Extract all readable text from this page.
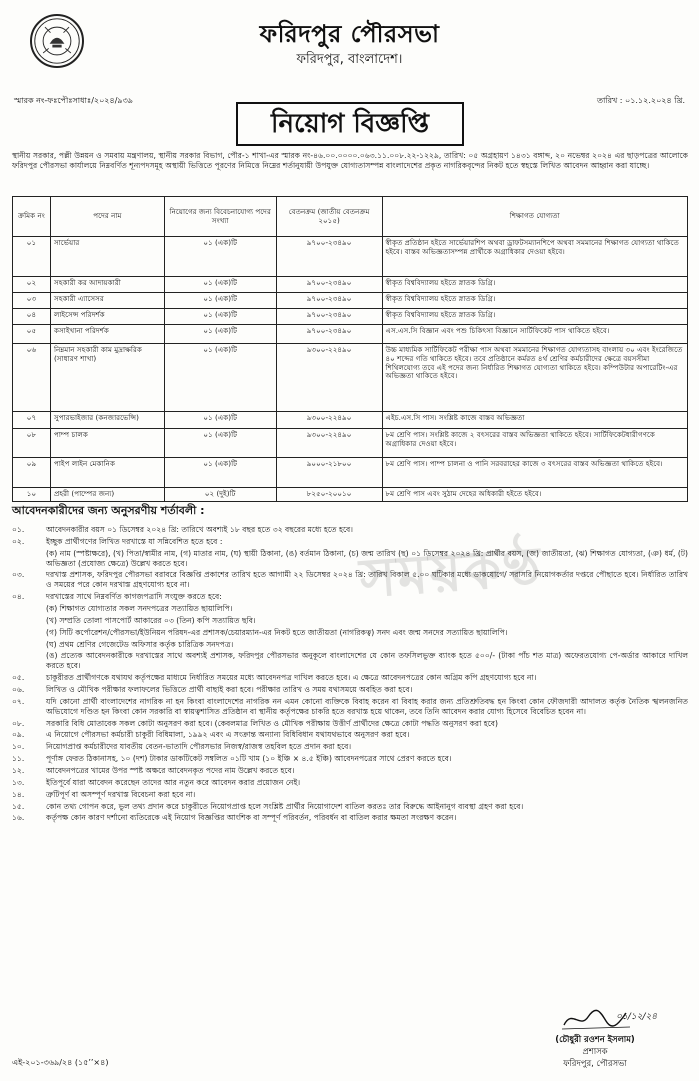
ফরিদপুর পৌরসভা
ফরিদপুর, বাংলাদেশ।
স্মারক নং-ফঃপৌঃসাধাঃ/২০২৪/৯৩৯	তারিখ : ০১.১২.২০২৪ খ্রি.
নিয়োগ বিজ্ঞপ্তি
স্থানীয় সরকার, পল্লী উন্নয়ন ও সমবায় মন্ত্রণালয়, স্থানীয় সরকার বিভাগ, পৌর-১ শাখা-এর স্মারক নং-৪৬.০০.০০০০.০৬৩.১১.০০৮.২২-১২২৯, তারিখ: ০৫ অগ্রহায়ণ ১৪৩১ বঙ্গাব্দ, ২০ নভেম্বর ২০২৪ এর ছাড়পত্রের আলোকে ফরিদপুর পৌরসভা কার্যালয়ে নিম্নবর্ণিত শূন্যপদসমূহ অস্থায়ী ভিত্তিতে পূরণের নিমিত্তে নিম্নের শর্তানুযায়ী উপযুক্ত যোগ্যতাসম্পন্ন বাংলাদেশের প্রকৃত নাগরিকবৃন্দের নিকট হতে স্বহস্তে লিখিত আবেদন আহ্বান করা যাচ্ছে।
ক্রমিক নং	পদের নাম	নিয়োগের জন্য বিবেচনাযোগ্য পদের সংখ্যা	বেতনক্রম (জাতীয় বেতনক্রম ২০১৫)	শিক্ষাগত যোগ্যতা
০১	সার্ভেয়ার	০১ (এক)টি	৯৭০০-২৩৪৯০	স্বীকৃত প্রতিষ্ঠান হইতে সার্ভেয়ারশিপ অথবা ড্রাফটসম্যানশিপে অথবা সমমানের শিক্ষাগত যোগ্যতা থাকিতে হইবে। বাস্তব অভিজ্ঞতাসম্পন্ন প্রার্থীকে অগ্রাধিকার দেওয়া হইবে।
০২	সহকারী কর আদায়কারী	০১ (এক)টি	৯৭০০-২৩৪৯০	স্বীকৃত বিশ্ববিদ্যালয় হইতে স্নাতক ডিগ্রি।
০৩	সহকারী এ্যাসেসর	০১ (এক)টি	৯৭০০-২৩৪৯০	স্বীকৃত বিশ্ববিদ্যালয় হইতে স্নাতক ডিগ্রি।
০৪	লাইসেন্স পরিদর্শক	০১ (এক)টি	৯৭০০-২৩৪৯০	স্বীকৃত বিশ্ববিদ্যালয় হইতে স্নাতক ডিগ্রি।
০৫	কসাইখানা পরিদর্শক	০১ (এক)টি	৯৭০০-২৩৪৯০	এস.এস.সি বিজ্ঞান এবং পশু চিকিৎসা বিজ্ঞানে সার্টিফিকেট পাস থাকিতে হইবে।
০৬	নিম্নমান সহকারী কাম মুদ্রাক্ষরিক (সাধারণ শাখা)	০১ (এক)টি	৯৩০০-২২৪৯০	উচ্চ মাধ্যমিক সার্টিফিকেট পরীক্ষা পাস অথবা সমমানের শিক্ষাগত যোগ্যতাসহ বাংলায় ৩০ এবং ইংরেজিতে ৪০ শব্দের গতি থাকিতে হইবে। তবে প্রতিষ্ঠানে কর্মরত ৪র্থ শ্রেণির কর্মচারীদের ক্ষেত্রে বয়সসীমা শিথিলযোগ্য তবে এই পদের জন্য নির্ধারিত শিক্ষাগত যোগ্যতা থাকিতে হইবে। কম্পিউটার অপারেটিং-এর অভিজ্ঞতা থাকিতে হইবে।
০৭	সুপারভাইজার (কনজারভেন্সি)	০১ (এক)টি	৯৩০০-২২৪৯০	এইচ.এস.সি পাস। সংশ্লিষ্ট কাজে বাস্তব অভিজ্ঞতা
০৮	পাম্প চালক	০১ (এক)টি	৯৩০০-২২৪৯০	৮ম শ্রেণি পাস। সংশ্লিষ্ট কাজে ২ বৎসরের বাস্তব অভিজ্ঞতা থাকিতে হইবে। সার্টিফিকেটধারীগণকে অগ্রাধিকার দেওয়া হইবে।
০৯	পাইপ লাইন মেকানিক	০১ (এক)টি	৯০০০-২১৮০০	৮ম শ্রেণি পাস। পাম্প চালনা ও পানি সরবরাহের কাজে ৩ বৎসরের বাস্তব অভিজ্ঞতা থাকিতে হইবে।
১০	প্রহরী (পাম্পের জন্য)	০২ (দুই)টি	৮২৫০-২০০১০	৮ম শ্রেণি পাস এবং সুঠাম দেহের অধিকারী হইতে হইবে।
আবেদনকারীদের জন্য অনুসরণীয় শর্তাবলী :
সময়কণ্ঠ
০১.	আবেদনকারীর বয়স ০১ ডিসেম্বর ২০২৪ খ্রি: তারিখে অবশ্যই ১৮ বছর হতে ৩২ বছরের মধ্যে হতে হবে।
০২.	ইচ্ছুক প্রার্থীগণের লিখিত দরখাস্তে যা সন্নিবেশিত হতে হবে :
(ক) নাম (স্পষ্টাক্ষরে), (খ) পিতা/স্বামীর নাম, (গ) মাতার নাম, (ঘ) স্থায়ী ঠিকানা, (ঙ) বর্তমান ঠিকানা, (চ) জন্ম তারিখ (ছ) ০১ ডিসেম্বর ২০২৪ খ্রি: প্রার্থীর বয়স, (জ) জাতীয়তা, (ঝ) শিক্ষাগত যোগ্যতা, (ঞ) ধর্ম, (ট) অভিজ্ঞতা (প্রযোজ্য ক্ষেত্রে) উল্লেখ করতে হবে।
০৩.	দরখাস্ত প্রশাসক, ফরিদপুর পৌরসভা বরাবরে বিজ্ঞপ্তি প্রকাশের তারিখ হতে আগামী ২২ ডিসেম্বর ২০২৪ খ্রি: তারিখ বিকাল ৫.০০ ঘটিকার মধ্যে ডাকযোগে/ সরাসরি নিয়োগকর্তার দপ্তরে পৌছাতে হবে। নির্ধারিত তারিখ ও সময়ের পরে কোন দরখাস্ত গ্রহণযোগ্য হবে না।
০৪.	দরখাস্তের সাথে নিম্নবর্ণিত কাগজপত্রাদি সংযুক্ত করতে হবে:
(ক) শিক্ষাগত যোগ্যতার সকল সনদপত্রের সত্যায়িত ছায়ালিপি।
(খ) সম্প্রতি তোলা পাসপোর্ট আকারের ০৩ (তিন) কপি সত্যায়িত ছবি।
(গ) সিটি কর্পোরেশন/পৌরসভা/ইউনিয়ন পরিষদ-এর প্রশাসক/চেয়ারম্যান-এর নিকট হতে জাতীয়তা (নাগরিকত্ব) সনদ এবং জন্ম সনদের সত্যায়িত ছায়ালিপি।
(ঘ) প্রথম শ্রেণির গেজেটেড অফিসার কর্তৃক চারিত্রিক সনদপত্র।
(ঙ) প্রত্যেক আবেদনকারীকে দরখাস্তের সাথে অবশ্যই প্রশাসক, ফরিদপুর পৌরসভার অনুকূলে বাংলাদেশের যে কোন তফসিলভুক্ত ব্যাংক হতে ৫০০/- (টাকা পাঁচ শত মাত্র) অফেরতযোগ্য পে-অর্ডার আকারে দাখিল করতে হবে।
০৫.	চাকুরীরত প্রার্থীগণকে যথাযথ কর্তৃপক্ষের মাধ্যমে নির্ধারিত সময়ের মধ্যে আবেদনপত্র দাখিল করতে হবে। এ ক্ষেত্রে আবেদনপত্রের কোন অগ্রিম কপি গ্রহণযোগ্য হবে না।
০৬.	লিখিত ও মৌখিক পরীক্ষার ফলাফলের ভিত্তিতে প্রার্থী বাছাই করা হবে। পরীক্ষার তারিখ ও সময় যথাসময়ে অবহিত করা হবে।
০৭.	যদি কোনো প্রার্থী বাংলাদেশের নাগরিক না হন কিংবা বাংলাদেশের নাগরিক নন এমন কোনো ব্যক্তিকে বিবাহ করেন বা বিবাহ করার জন্য প্রতিশ্রুতিবদ্ধ হন কিংবা কোন ফৌজদারী আদালত কর্তৃক নৈতিক স্খলনজনিত অভিযোগে দণ্ডিত হন কিংবা কোন সরকারি বা স্বায়ত্বশাসিত প্রতিষ্ঠান বা স্থানীয় কর্তৃপক্ষের চাকরি হতে বরখাস্ত হয়ে থাকেন, তবে তিনি আবেদন করার যোগ্য হিসেবে বিবেচিত হবেন না।
০৮.	সরকারি বিধি মোতাবেক সকল কোটা অনুসরণ করা হবে। (কেবলমাত্র লিখিত ও মৌখিক পরীক্ষায় উত্তীর্ণ প্রার্থীদের ক্ষেত্রে কোটা পদ্ধতি অনুসরণ করা হবে)
০৯.	এ নিয়োগে পৌরসভা কর্মচারী চাকুরী বিধিমালা, ১৯৯২ এবং এ সংক্রান্ত অন্যান্য বিধিবিধান যথাযথভাবে অনুসরণ করা হবে।
১০.	নিয়োগপ্রাপ্ত কর্মচারীদের যাবতীয় বেতন-ভাতাদি পৌরসভার নিজস্ব/রাজস্ব তহবিল হতে প্রদান করা হবে।
১১.	পূর্ণাঙ্গ ফেরত ঠিকানাসহ, ১০ (দশ) টাকার ডাকটিকেট সম্বলিত ০১টি খাম (১০ ইঞ্চি × ৪.৫ ইঞ্চি) আবেদনপত্রের সাথে প্রেরণ করতে হবে।
১২.	আবেদনপত্রের খামের উপর স্পষ্ট অক্ষরে আবেদনকৃত পদের নাম উল্লেখ করতে হবে।
১৩.	ইতিপূর্বে যারা আবেদন করেছেন তাদের আর নতুন করে আবেদন করার প্রয়োজন নেই।
১৪.	ত্রুটিপূর্ণ বা অসম্পূর্ণ দরখাস্ত বিবেচনা করা হবে না।
১৫.	কোন তথ্য গোপন করে, ভুল তথ্য প্রদান করে চাকুরীতে নিয়োগপ্রাপ্ত হলে সংশ্লিষ্ট প্রার্থীর নিয়োগাদেশ বাতিল করতঃ তার বিরুদ্ধে আইনানুগ ব্যবস্থা গ্রহণ করা হবে।
১৬.	কর্তৃপক্ষ কোন কারণ দর্শানো ব্যতিরেকে এই নিয়োগ বিজ্ঞপ্তির আংশিক বা সম্পূর্ণ পরিবর্তন, পরিবর্ধন বা বাতিল করার ক্ষমতা সংরক্ষণ করেন।
০১/১২/২৪
(চৌধুরী রওশন ইসলাম)
প্রশাসক
ফরিদপুর, পৌরসভা
এই-২০১-৩৬৯/২৪ (১৫’’×৪)
